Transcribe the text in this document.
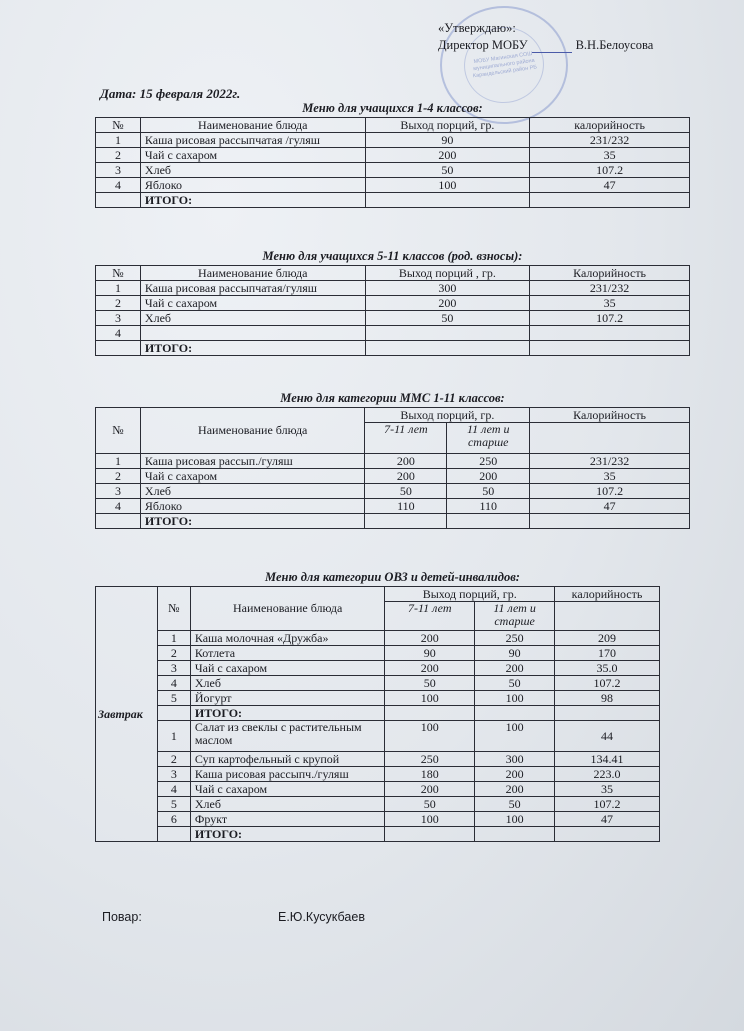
МОБУ Магинская СОШ муниципального района Караидельский район РБ
«Утверждаю»:
Директор МОБУ	В.Н.Белоусова
Дата: 15 февраля 2022г.
Меню для учащихся 1-4 классов:
№	Наименование блюда	Выход порций, гр.	калорийность
1	Каша рисовая рассыпчатая /гуляш	90	231/232
2	Чай с сахаром	200	35
3	Хлеб	50	107.2
4	Яблоко	100	47
	ИТОГО:		
Меню для учащихся 5-11 классов (род. взносы):
№	Наименование блюда	Выход порций , гр.	Калорийность
1	Каша рисовая рассыпчатая/гуляш	300	231/232
2	Чай с сахаром	200	35
3	Хлеб	50	107.2
4			
	ИТОГО:		
Меню для категории ММС 1-11 классов:
№	Наименование блюда	Выход порций, гр.		Калорийность
		7-11 лет	11 лет и старше	
1	Каша рисовая рассып./гуляш	200	250	231/232
2	Чай с сахаром	200	200	35
3	Хлеб	50	50	107.2
4	Яблоко	110	110	47
	ИТОГО:			
Меню для категории ОВЗ и детей-инвалидов:
Завтрак	№	Наименование блюда	Выход порций, гр.		калорийность
			7-11 лет	11 лет и старше	
	1	Каша молочная «Дружба»	200	250	209
	2	Котлета	90	90	170
	3	Чай с сахаром	200	200	35.0
	4	Хлеб	50	50	107.2
	5	Йогурт	100	100	98
		ИТОГО:			
	1	Салат из свеклы с растительным маслом	100	100	44
	2	Суп картофельный с крупой	250	300	134.41
	3	Каша рисовая рассыпч./гуляш	180	200	223.0
	4	Чай с сахаром	200	200	35
	5	Хлеб	50	50	107.2
	6	Фрукт	100	100	47
		ИТОГО:			
Повар:	Е.Ю.Кусукбаев
